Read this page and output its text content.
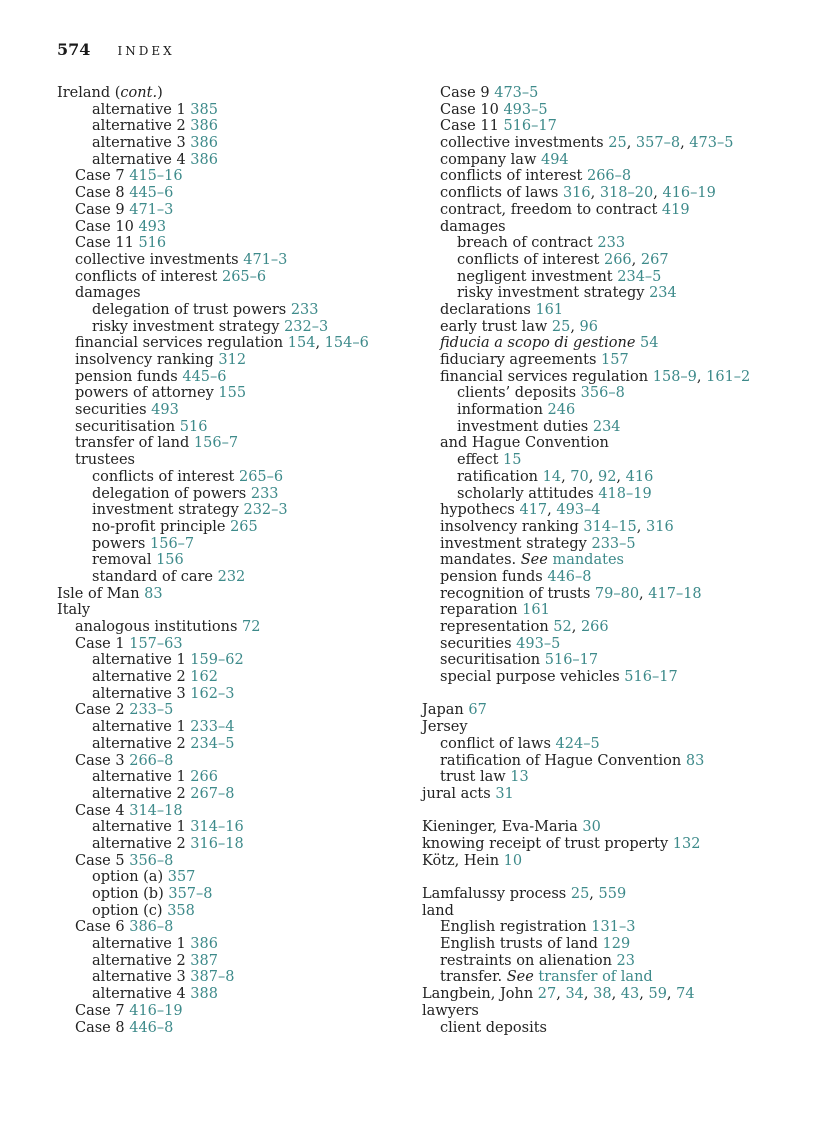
574 INDEX
Ireland (cont.)
alternative 1 385
alternative 2 386
alternative 3 386
alternative 4 386
Case 7 415–16
Case 8 445–6
Case 9 471–3
Case 10 493
Case 11 516
collective investments 471–3
conflicts of interest 265–6
damages
delegation of trust powers 233
risky investment strategy 232–3
financial services regulation 154, 154–6
insolvency ranking 312
pension funds 445–6
powers of attorney 155
securities 493
securitisation 516
transfer of land 156–7
trustees
conflicts of interest 265–6
delegation of powers 233
investment strategy 232–3
no-profit principle 265
powers 156–7
removal 156
standard of care 232
Isle of Man 83
Italy
analogous institutions 72
Case 1 157–63
alternative 1 159–62
alternative 2 162
alternative 3 162–3
Case 2 233–5
alternative 1 233–4
alternative 2 234–5
Case 3 266–8
alternative 1 266
alternative 2 267–8
Case 4 314–18
alternative 1 314–16
alternative 2 316–18
Case 5 356–8
option (a) 357
option (b) 357–8
option (c) 358
Case 6 386–8
alternative 1 386
alternative 2 387
alternative 3 387–8
alternative 4 388
Case 7 416–19
Case 8 446–8
Case 9 473–5
Case 10 493–5
Case 11 516–17
collective investments 25, 357–8, 473–5
company law 494
conflicts of interest 266–8
conflicts of laws 316, 318–20, 416–19
contract, freedom to contract 419
damages
breach of contract 233
conflicts of interest 266, 267
negligent investment 234–5
risky investment strategy 234
declarations 161
early trust law 25, 96
fiducia a scopo di gestione 54
fiduciary agreements 157
financial services regulation 158–9, 161–2
clients’ deposits 356–8
information 246
investment duties 234
and Hague Convention
effect 15
ratification 14, 70, 92, 416
scholarly attitudes 418–19
hypothecs 417, 493–4
insolvency ranking 314–15, 316
investment strategy 233–5
mandates. See mandates
pension funds 446–8
recognition of trusts 79–80, 417–18
reparation 161
representation 52, 266
securities 493–5
securitisation 516–17
special purpose vehicles 516–17
Japan 67
Jersey
conflict of laws 424–5
ratification of Hague Convention 83
trust law 13
jural acts 31
Kieninger, Eva-Maria 30
knowing receipt of trust property 132
Kötz, Hein 10
Lamfalussy process 25, 559
land
English registration 131–3
English trusts of land 129
restraints on alienation 23
transfer. See transfer of land
Langbein, John 27, 34, 38, 43, 59, 74
lawyers
client deposits
